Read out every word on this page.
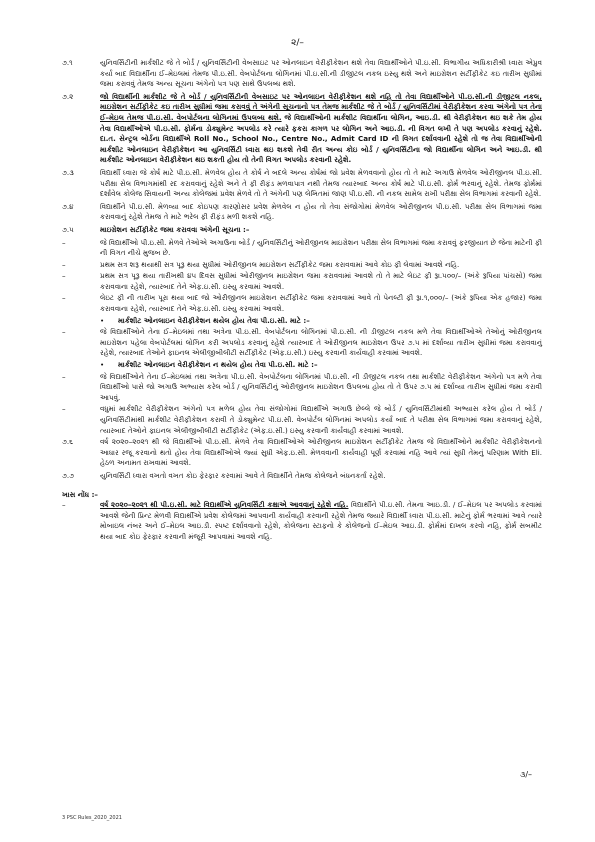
૨/–
૭.૧	યુનિવર્સિટીની માર્કશીટ જે તે બોર્ડ / યુનિવર્સિટીની વેબસાઇટ પર ઓનલાઇન વેરીફીકેશન થશે તેવા વિદ્યાર્થીઓને પી.ઇ.સી. વિભાગીય અધિકારીશ્રી ધ્વારા એપ્રુવ કર્યા બાદ વિદ્યાર્થીના ઈ–મેઇલમાં તેમજ પી.ઇ.સી. વેબપોર્ટલના લોગિનમાં પી.ઇ.સી.ની ડીજીટલ નકલ ઇસ્યુ થશે અને માઇગ્રેશન સર્ટીફીકેટ કઇ તારીખ સુધીમાં જમા કરાવવું તેમજ અન્ય સૂચના અંગેનો પત્ર પણ સાથે ઉપલબ્ધ થશે.
૭.૨	જો વિદ્યાર્થીની માર્કશીટ જે તે બોર્ડ / યુનિવર્સિટીની વેબસાઇટ પર ઓનલાઇન વેરીફીકેશન થશે નહિ તો તેવા વિદ્યાર્થીઓને પી.ઇ.સી.ની ડીજીટલ નકલ, માઇગ્રેશન સર્ટીફીકેટ કઇ તારીખ સુધીમાં જમા કરાવવું તે અંગેની સૂચનાનો પત્ર તેમજ માર્કશીટ જે તે બોર્ડ / યુનિવર્સિટીમાં વેરીફીકેશન કરવા અંગેનો પત્ર તેના ઈ–મેઇલ તેમજ પી.ઇ.સી. વેબપોર્ટલના લોગિનમાં ઉપલબ્ધ થશે. જે વિદ્યાર્થીઓની માર્કશીટ વિદ્યાર્થીના લોગિન, આઇ.ડી. થી વેરીફીકેશન થઇ શકે તેમ હોય તેવા વિદ્યાર્થીઓએ પી.ઇ.સી. ફોર્મના ડોક્યુમેન્ટ અપલોડ કરે ત્યારે ફકરા કાગળ પર લોગિન અને આઇ.ડી. ની વિગત લખી તે પણ અપલોડ કરવાનું રહેશે. દા.ત. સેન્ટ્રલ બોર્ડના વિદ્યાર્થીએ Roll No., School No., Centre No., Admit Card ID ની વિગત દર્શાવવાની રહેશે તો જ તેવા વિદ્યાર્થીઓની માર્કશીટ ઓનલાઇન વેરીફીકેશન આ યુનિવર્સિટી ધ્વારા થઇ શકશે તેવી રીત અન્ય કોઇ બોર્ડ / યુનિવર્સિટીના જો વિદ્યાર્થીના લોગિન અને આઇ.ડી. થી માર્કશીટ ઓનલાઇન વેરીફીકેશન થઇ શકતી હોય તો તેની વિગત અપલોડ કરવાની રહેશે.
૭.૩	વિદ્યાર્થી ધ્વારા જે કોર્ષ માટે પી.ઇ.સી. મેળવેલ હોય તે કોર્ષ ને બદલે અન્ય કોર્ષમાં જો પ્રવેશ મેળવવાનો હોય તો તે માટે અગાઉ મેળવેલ ઓરીજીનલ પી.ઇ.સી. પરીક્ષા સેલ વિભાગમાંથી રદ કરાવવાનું રહેશે અને તે ફી રીફંડ મળવાપાત્ર નથી તેમજ ત્યારબાદ અન્ય કોર્ષ માટે પી.ઇ.સી. ફોર્મ ભરવાનું રહેશે. તેમજ ફોર્મમાં દર્શાવેલ કોલેજ સિવાયની અન્ય કોલેજમાં પ્રવેશ મેળવે તો તે અંગેની પણ લેખિતમાં જાણ પી.ઇ.સી. ની નકલ સામેલ રાખી પરીક્ષા સેલ વિભાગમાં કરવાની રહેશે.
૭.૪	વિદ્યાર્થીને પી.ઇ.સી. મેળવ્યા બાદ કોઇપણ કારણોસર પ્રવેશ મેળવેલ ન હોય તો તેવા સંજોગોમાં મેળવેલ ઓરીજીનલ પી.ઇ.સી. પરીક્ષા સેલ વિભાગમાં જમા કરાવવાનું રહેશે તેમજ તે માટે ભરેલ ફી રીફંડ મળી શકશે નહિ.
૭.૫	માઇગ્રેશન સર્ટીફીકેટ જમા કરાવવા અંગેની સૂચના :–
–	જે વિદ્યાર્થીઓ પી.ઇ.સી. મેળવે તેઓએ અગાઉના બોર્ડ / યુનિવર્સિટીનું ઓરીજીનલ માઇગ્રેશન પરીક્ષા સેલ વિભાગમાં જમા કરાવવું ફરજીયાત છે જેના માટેની ફી ની વિગત નીચે મુજબ છે.
–	પ્રથમ સત્ર શરૂ થયાથી સત્ર પૂરૂ થયા સુધીમાં ઓરીજીનલ માઇગ્રેશન સર્ટીફીકેટ જમા કરાવવામાં આવે કોઇ ફી લેવામાં આવશે નહિ.
–	પ્રથમ સત્ર પૂરૂ થયા તારીખથી ૪૫ દિવસ સુધીમાં ઓરીજીનલ માઇગ્રેશન જમા કરાવવામાં આવશે તો તે માટે લેઇટ ફી રૂા.૫૦૦/– (અંકે રૂપિયા પાંચસો) જમા કરાવવાના રહેશે, ત્યારબાદ તેને એફ.ઇ.સી. ઇસ્યુ કરવામાં આવશે.
–	લેઇટ ફી ની તારીખ પૂરા થયા બાદ જો ઓરીજીનલ માઇગ્રેશન સર્ટીફીકેટ જમા કરાવવામાં આવે તો પેનલ્ટી ફી રૂા.૧,૦૦૦/– (અંકે રૂપિયા એક હજાર) જમા કરાવવાના રહેશે, ત્યારબાદ તેને એફ.ઇ.સી. ઇસ્યુ કરવામાં આવશે.
•	માર્કશીટ ઓનલાઇન વેરીફીકેશન થયેલ હોય તેવા પી.ઇ.સી. માટે :–
–	જે વિદ્યાર્થીઓને તેના ઈ–મેઇલમાં તથા અત્રેના પી.ઇ.સી. વેબપોર્ટલના લોગિનમાં પી.ઇ.સી. ની ડીજીટલ નકલ મળે તેવા વિદ્યાર્થીઓએ તેઓનું ઓરીજીનલ માઇગ્રેશન પહેલા વેબપોર્ટલમાં લોગિન કરી અપલોડ કરવાનું રહેશે ત્યારબાદ તે ઓરીજીનલ માઇગ્રેશન ઉપર ૭.૫ માં દર્શાવ્યા તારીખ સુધીમાં જમા કરાવવાનું રહેશે, ત્યારબાદ તેઓને ફાઇનલ એલીજીબીલીટી સર્ટીફીકેટ (એફ.ઇ.સી.) ઇસ્યુ કરવાની કાર્યવાહી કરવામાં આવશે.
•	માર્કશીટ ઓનલાઇન વેરીફીકેશન ન થયેલ હોય તેવા પી.ઇ.સી. માટે :–
–	જે વિદ્યાર્થીઓને તેના ઈ–મેઇલમાં તથા અત્રેના પી.ઇ.સી. વેબપોર્ટલના લોગિનમાં પી.ઇ.સી. ની ડીજીટલ નકલ તથા માર્કશીટ વેરીફીકેશન અંગેનો પત્ર મળે તેવા વિદ્યાર્થીઓ પાસે જો અગાઉ અભ્યાસ કરેલ બોર્ડ / યુનિવર્સિટીનું ઓરીજીનલ માઇગ્રેશન ઉપલબ્ધ હોય તો તે ઉપર ૭.૫ માં દર્શાવ્યા તારીખ સુધીમાં જમા કરાવી આપવું.
–	વધુમાં માર્કશીટ વેરીફીકેશન અંગેનો પત્ર મળેલ હોય તેવા સંજોગોમાં વિદ્યાર્થીએ અગાઉ છેલ્લે જે બોર્ડ / યુનિવર્સિટીમાંથી અભ્યાસ કરેલ હોય તે બોર્ડ / યુનિવર્સિટીમાંથી માર્કશીટ વેરીફીકેશન કરાવી તે ડોક્યુમેન્ટ પી.ઇ.સી. વેબપોર્ટલ લોગિનમાં અપલોડ કર્યા બાદ તે પરીક્ષા સેલ વિભાગમાં જમા કરાવવાનું રહેશે, ત્યારબાદ તેઓને ફાઇનલ એલીજીબીલીટી સર્ટીફીકેટ (એફ.ઇ.સી.) ઇસ્યુ કરવાની કાર્યવાહી કરવામાં આવશે.
૭.૬	વર્ષ ૨૦૨૦–૨૦૨૧ થી જે વિદ્યાર્થીઓ પી.ઇ.સી. મેળવે તેવા વિદ્યાર્થીઓએ ઓરીજીનલ માઇગ્રેશન સર્ટીફીકેટ તેમજ જે વિદ્યાર્થીઓને માર્કશીટ વેરીફીકેશનનો આધાર રજૂ કરવાનો થતો હોય તેવા વિદ્યાર્થીઓએ જ્યાં સુધી એફ.ઇ.સી. મેળવવાની કાર્યવાહી પૂર્ણ કરવામાં નહિ આવે ત્યાં સુધી તેમનું પરિણામ With Eli. હેઠળ અનામત રાખવામાં આવશે.
૭.૭	યુનિવર્સિટી ધ્વારા વખતો વખત કોઇ ફેરફાર કરવામાં આવે તે વિદ્યાર્થીને તેમજ કોલેજને બંધનકર્તા રહેશે.
ખાસ નોંધ :–
–	વર્ષ ૨૦૨૦–૨૦૨૧ થી પી.ઇ.સી. માટે વિદ્યાર્થીએ યુનિવર્સિટી કક્ષાએ આવવાનું રહેશે નહિ. વિદ્યાર્થીને પી.ઇ.સી. તેમના આઇ.ડી. / ઈ–મેઇલ પર અપલોડ કરવામાં આવશે જેની પ્રિન્ટ મેળવી વિદ્યાર્થીએ પ્રવેશ કોલેજમાં આપવાની કાર્યવાહી કરવાની રહેશે તેમજ જ્યારે વિદ્યાર્થી ધ્વારા પી.ઇ.સી. માટેનું ફોર્મ ભરવામાં આવે ત્યારે મોબાઇલ નંબર અને ઈ–મેઇલ આઇ.ડી. સ્પષ્ટ દર્શાવવાનો રહેશે, કોલેજના સ્ટાફનો કે કોલેજનો ઈ–મેઇલ આઇ.ડી. ફોર્મમાં દાખલ કરવો નહિ, ફોર્મ સબમીટ થયા બાદ કોઇ ફેરફાર કરવાની મંજૂરી આપવામાં આવશે નહિ.
૩/–
3 PSC Rules_2020_2021
